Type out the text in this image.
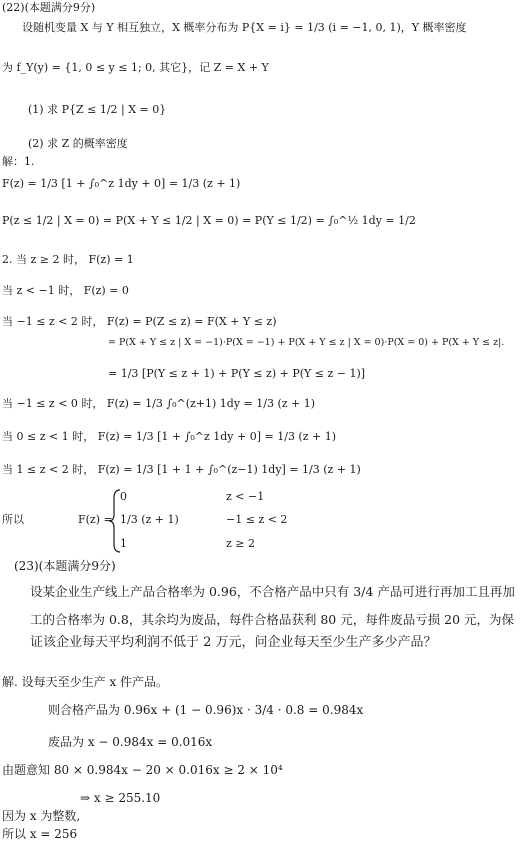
(22)(本题满分9分)
设随机变量 X 与 Y 相互独立，X 概率分布为 P{X = i} = 1/3 (i = −1, 0, 1)，Y 概率密度
为 f_Y(y) = {1, 0 ≤ y ≤ 1; 0, 其它}，记 Z = X + Y
(1) 求 P{Z ≤ 1/2 | X = 0}
(2) 求 Z 的概率密度
解：1.
F(z) = 1/3 [1 + ∫₀^z 1dy + 0] = 1/3 (z + 1)
P(z ≤ 1/2 | X = 0) = P(X + Y ≤ 1/2 | X = 0) = P(Y ≤ 1/2) = ∫₀^½ 1dy = 1/2
2. 当 z ≥ 2 时， F(z) = 1
当 z < −1 时， F(z) = 0
当 −1 ≤ z < 2 时， F(z) = P(Z ≤ z) = F(X + Y ≤ z)
= P(X + Y ≤ z | X = −1)·P(X = −1) + P(X + Y ≤ z | X = 0)·P(X = 0) + P(X + Y ≤ z|.
= 1/3 [P(Y ≤ z + 1) + P(Y ≤ z) + P(Y ≤ z − 1)]
当 −1 ≤ z < 0 时， F(z) = 1/3 ∫₀^(z+1) 1dy = 1/3 (z + 1)
当 0 ≤ z < 1 时， F(z) = 1/3 [1 + ∫₀^z 1dy + 0] = 1/3 (z + 1)
当 1 ≤ z < 2 时， F(z) = 1/3 [1 + 1 + ∫₀^(z−1) 1dy] = 1/3 (z + 1)
所以	F(z) =
0	z < −1
1/3 (z + 1)	−1 ≤ z < 2
1	z ≥ 2
(23)(本题满分9分)
设某企业生产线上产品合格率为 0.96，不合格产品中只有 3/4 产品可进行再加工且再加
工的合格率为 0.8，其余均为废品，每件合格品获利 80 元，每件废品亏损 20 元，为保
证该企业每天平均利润不低于 2 万元，问企业每天至少生产多少产品？
解. 设每天至少生产 x 件产品。
则合格产品为 0.96x + (1 − 0.96)x · 3/4 · 0.8 = 0.984x
废品为 x − 0.984x = 0.016x
由题意知 80 × 0.984x − 20 × 0.016x ≥ 2 × 10⁴
⇒ x ≥ 255.10
因为 x 为整数,
所以 x = 256
